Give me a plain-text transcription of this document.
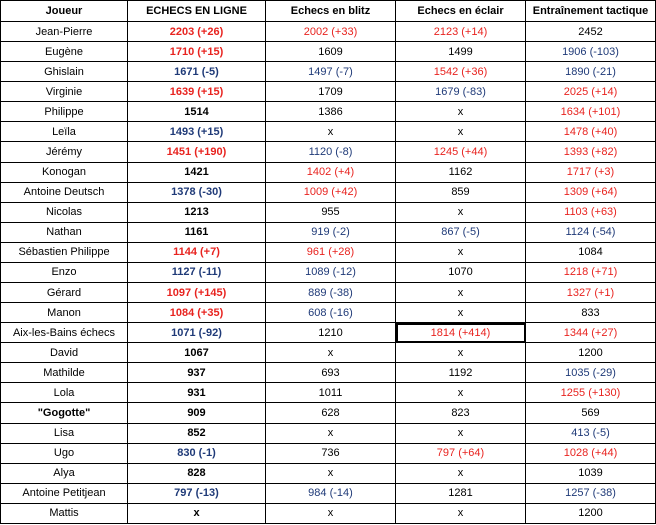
Joueur	ECHECS EN LIGNE	Echecs en blitz	Echecs en éclair	Entraînement tactique
Jean-Pierre	2203 (+26)	2002 (+33)	2123 (+14)	2452
Eugène	1710 (+15)	1609	1499	1906 (-103)
Ghislain	1671 (-5)	1497 (-7)	1542 (+36)	1890 (-21)
Virginie	1639 (+15)	1709	1679 (-83)	2025 (+14)
Philippe	1514	1386	x	1634 (+101)
Leïla	1493 (+15)	x	x	1478 (+40)
Jérémy	1451 (+190)	1120 (-8)	1245 (+44)	1393 (+82)
Konogan	1421	1402 (+4)	1162	1717 (+3)
Antoine Deutsch	1378 (-30)	1009 (+42)	859	1309 (+64)
Nicolas	1213	955	x	1103 (+63)
Nathan	1161	919 (-2)	867 (-5)	1124 (-54)
Sébastien Philippe	1144 (+7)	961 (+28)	x	1084
Enzo	1127 (-11)	1089 (-12)	1070	1218 (+71)
Gérard	1097 (+145)	889 (-38)	x	1327 (+1)
Manon	1084 (+35)	608 (-16)	x	833
Aix-les-Bains échecs	1071 (-92)	1210	1814 (+414)	1344 (+27)
David	1067	x	x	1200
Mathilde	937	693	1192	1035 (-29)
Lola	931	1011	x	1255 (+130)
"Gogotte"	909	628	823	569
Lisa	852	x	x	413 (-5)
Ugo	830 (-1)	736	797 (+64)	1028 (+44)
Alya	828	x	x	1039
Antoine Petitjean	797 (-13)	984 (-14)	1281	1257 (-38)
Mattis	x	x	x	1200
